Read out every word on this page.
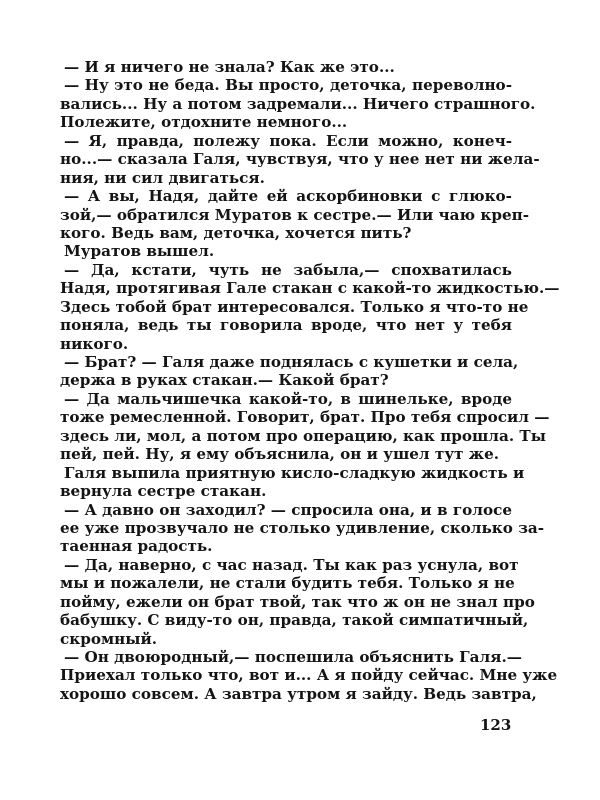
— И я ничего не знала? Как же это...
— Ну это не беда. Вы просто, деточка, переволно-
вались... Ну а потом задремали... Ничего страшного.
Полежите, отдохните немного...
— Я, правда, полежу пока. Если можно, конеч-
но...— сказала Галя, чувствуя, что у нее нет ни жела-
ния, ни сил двигаться.
— А вы, Надя, дайте ей аскорбиновки с глюко-
зой,— обратился Муратов к сестре.— Или чаю креп-
кого. Ведь вам, деточка, хочется пить?
Муратов вышел.
— Да, кстати, чуть не забыла,— спохватилась
Надя, протягивая Гале стакан с какой-то жидкостью.—
Здесь тобой брат интересовался. Только я что-то не
поняла, ведь ты говорила вроде, что нет у тебя
никого.
— Брат? — Галя даже поднялась с кушетки и села,
держа в руках стакан.— Какой брат?
— Да мальчишечка какой-то, в шинельке, вроде
тоже ремесленной. Говорит, брат. Про тебя спросил —
здесь ли, мол, а потом про операцию, как прошла. Ты
пей, пей. Ну, я ему объяснила, он и ушел тут же.
Галя выпила приятную кисло-сладкую жидкость и
вернула сестре стакан.
— А давно он заходил? — спросила она, и в голосе
ее уже прозвучало не столько удивление, сколько за-
таенная радость.
— Да, наверно, с час назад. Ты как раз уснула, вот
мы и пожалели, не стали будить тебя. Только я не
пойму, ежели он брат твой, так что ж он не знал про
бабушку. С виду-то он, правда, такой симпатичный,
скромный.
— Он двоюродный,— поспешила объяснить Галя.—
Приехал только что, вот и... А я пойду сейчас. Мне уже
хорошо совсем. А завтра утром я зайду. Ведь завтра,
123
